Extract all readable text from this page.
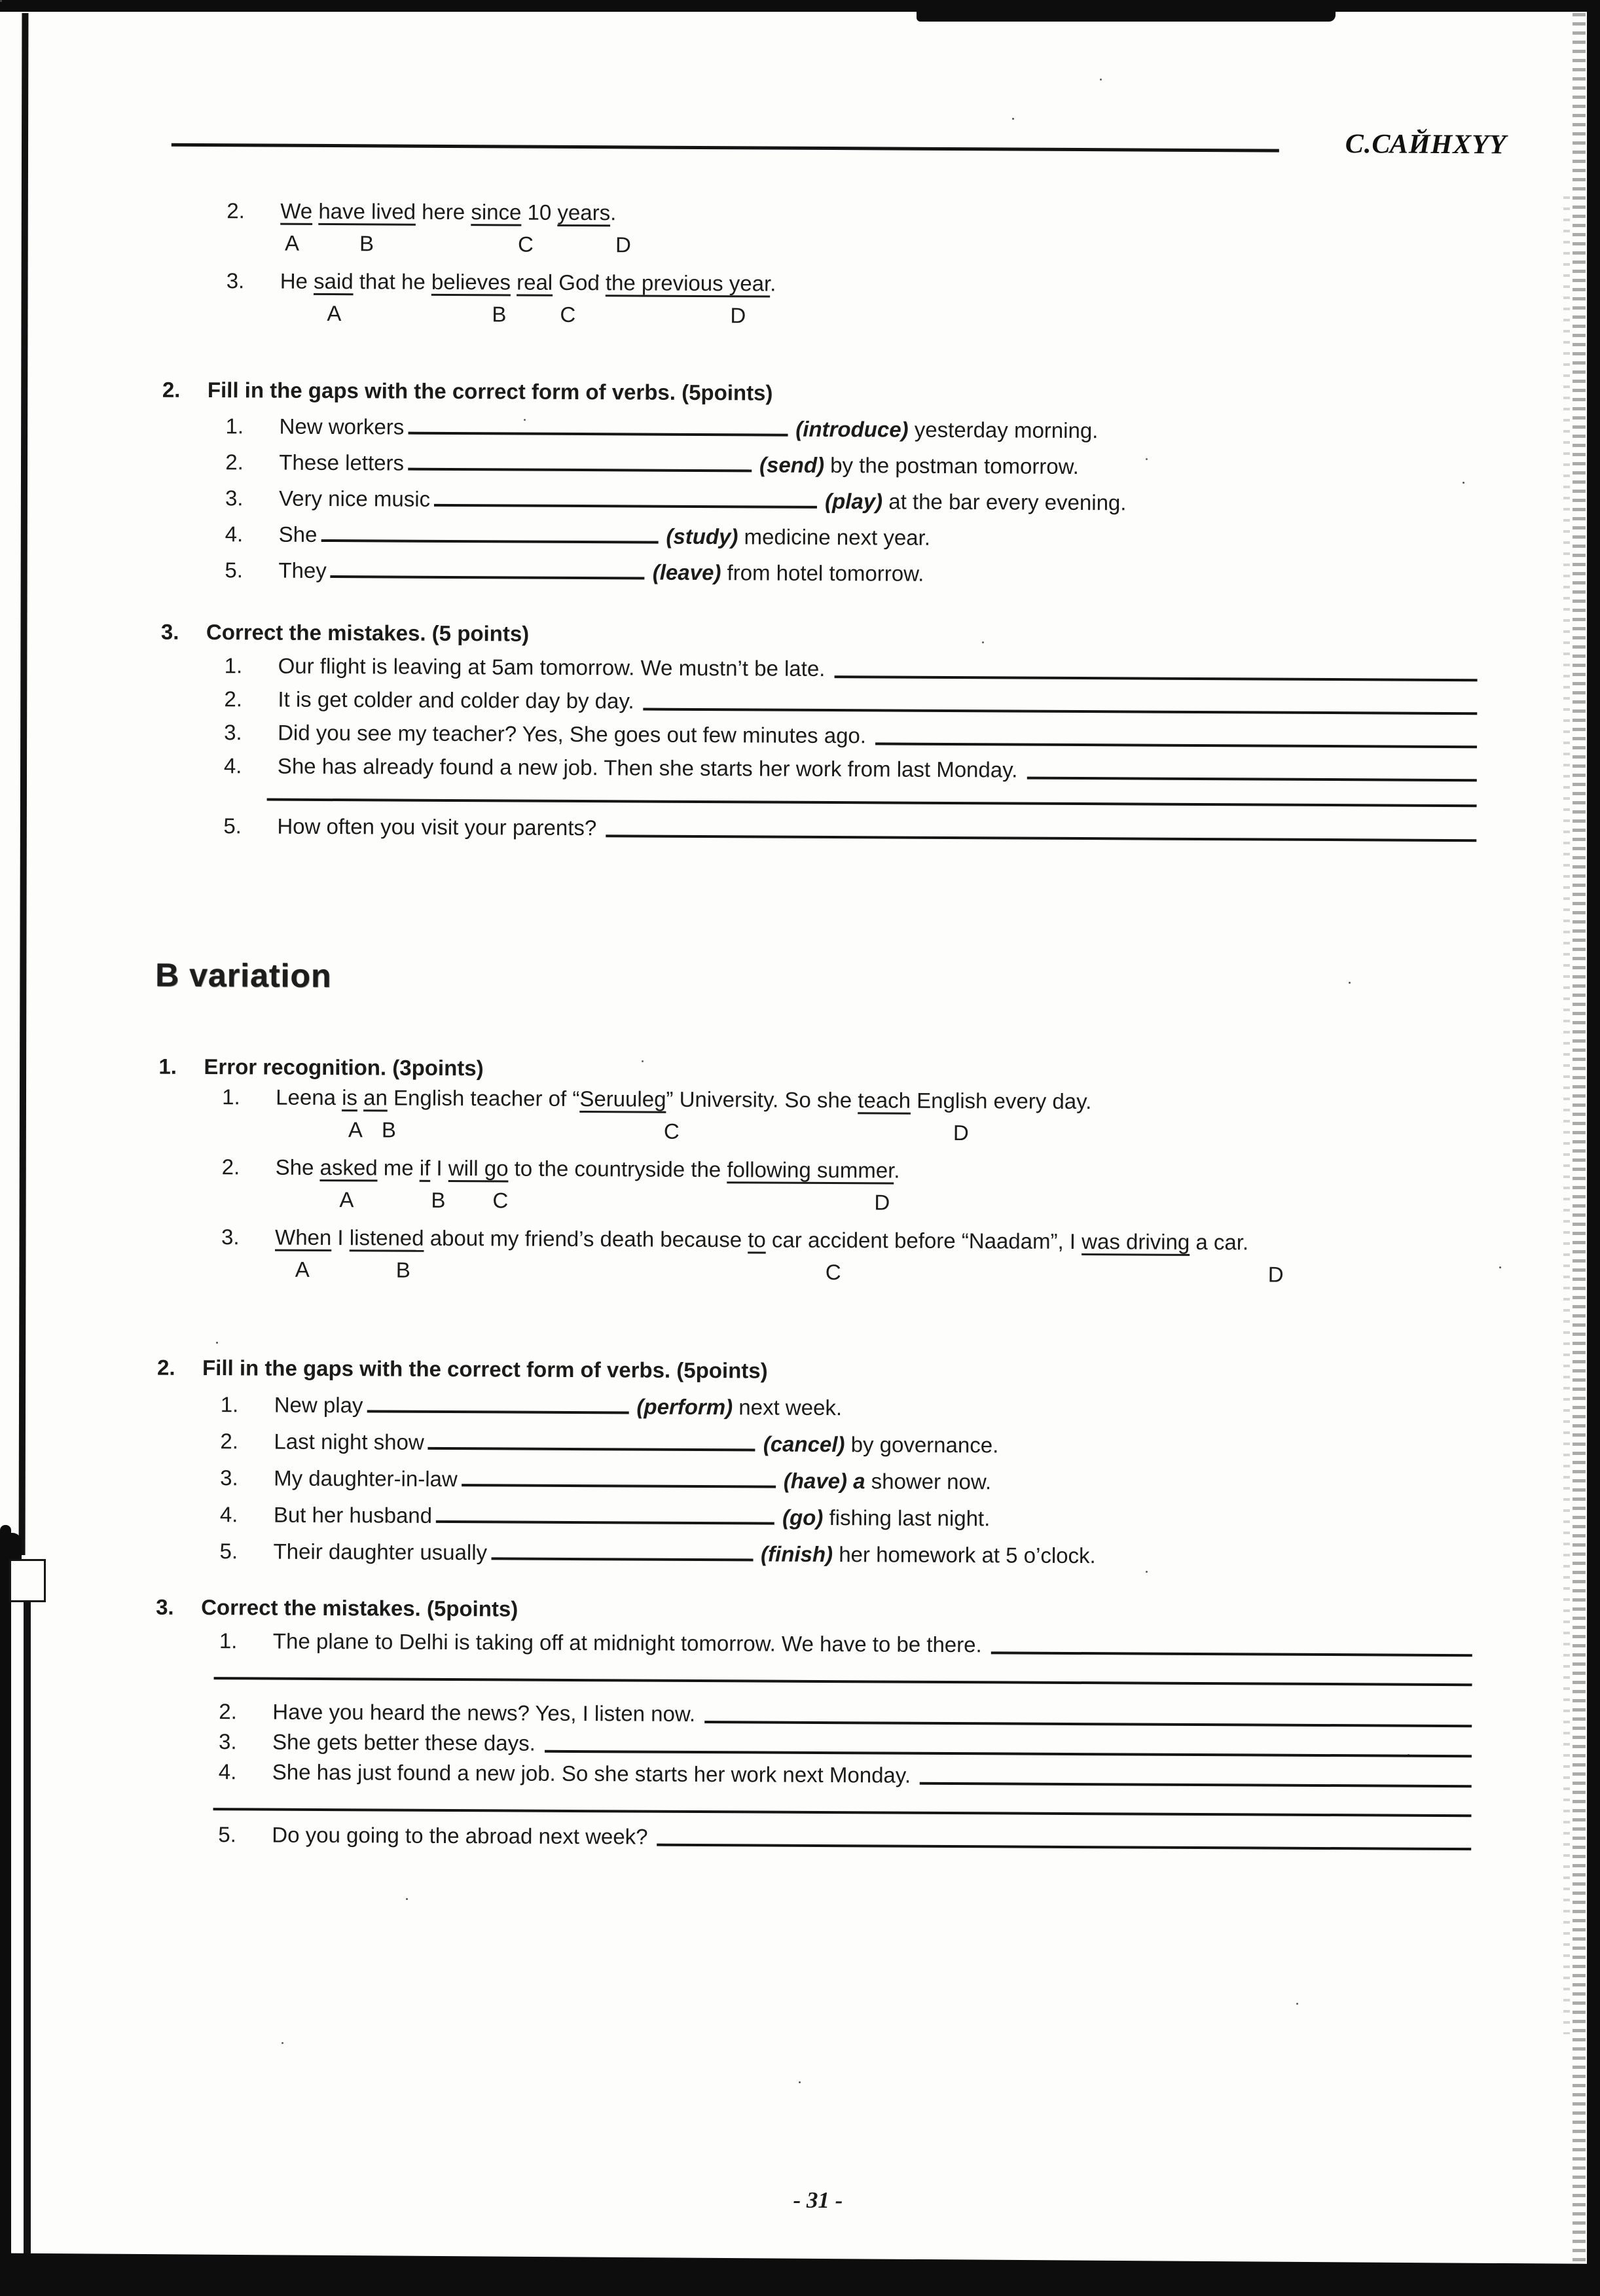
С.САЙНХҮҮ
2. We have lived here since 10 years.
A	B	C	D
3. He said that he believes real God the previous year.
A	B C	D
2. Fill in the gaps with the correct form of verbs. (5points)
1. New workers	(introduce) yesterday morning.
2. These letters	(send) by the postman tomorrow.
3. Very nice music	(play) at the bar every evening.
4. She	(study) medicine next year.
5. They	(leave) from hotel tomorrow.
3. Correct the mistakes. (5 points)
1.	Our flight is leaving at 5am tomorrow. We mustn’t be late.
2.	It is get colder and colder day by day.
3.	Did you see my teacher? Yes, She goes out few minutes ago.
4.	She has already found a new job. Then she starts her work from last Monday.
5.	How often you visit your parents?
B variation
1. Error recognition. (3points)
1. Leena is an English teacher of “Seruuleg” University. So she teach English every day.
A B	C	D
2. She asked me if I will go to the countryside the following summer.
A	B C	D
3. When I listened about my friend’s death because to car accident before “Naadam”, I was driving a car.
A	B	C	D
2. Fill in the gaps with the correct form of verbs. (5points)
1. New play	(perform) next week.
2. Last night show	(cancel) by governance.
3. My daughter-in-law	(have) a shower now.
4. But her husband	(go) fishing last night.
5. Their daughter usually	(finish) her homework at 5 o’clock.
3. Correct the mistakes. (5points)
1.	The plane to Delhi is taking off at midnight tomorrow. We have to be there.
2.	Have you heard the news? Yes, I listen now.
3.	She gets better these days.
4.	She has just found a new job. So she starts her work next Monday.
5.	Do you going to the abroad next week?
- 31 -
